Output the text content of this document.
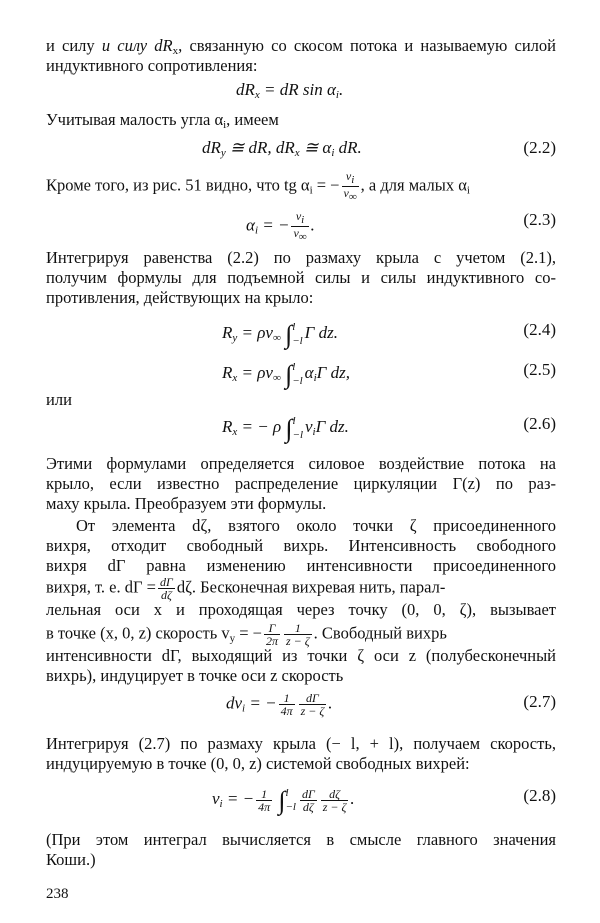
и силу и силу $dR_x$, связанную со скосом потока и называемую силой
индуктивного сопротивления:
$dR_x$ = dR $\sin \alpha_i$.
Учитывая малость угла $\alpha_i$, имеем
$dR_y$ ≅ dR, $dR_x$ ≅ $\alpha_i$ dR.	(2.2)
Кроме того, из рис. 51 видно, что tg $\alpha_i$ = − $\frac{v_i}{v_\infty}$ , а для малых $\alpha_i$
$\alpha_i$ = − $\frac{v_i}{v_\infty}$ .	(2.3)
Интегрируя равенства (2.2) по размаху крыла с учетом (2.1),
получим формулы для подъемной силы и силы индуктивного со-
противления, действующих на крыло:
$R_y = \rho v_\infty$ ∫ l
−l Γ dz.	(2.4)
$R_x = \rho v_\infty$ ∫ l
−l $\alpha_i\Gamma$ dz,	(2.5)
или
$R_x$ = − ρ ∫ l
−l $v_i\Gamma$ dz.	(2.6)
Этими формулами определяется силовое воздействие потока на
крыло, если известно распределение циркуляции Γ(z) по раз-
маху крыла. Преобразуем эти формулы.
От элемента dζ, взятого около точки ζ присоединенного
вихря, отходит свободный вихрь. Интенсивность свободного
вихря dΓ равна изменению интенсивности присоединенного
вихря, т. е. $d\Gamma = \frac{d\Gamma}{d\zeta} d\zeta$. Бесконечная вихревая нить, парал-
лельная оси x и проходящая через точку (0, 0, ζ), вызывает
в точке (x, 0, z) скорость $v_y$ = − $\frac{\Gamma}{2\pi} \frac{1}{z - \zeta}$ . Свободный вихрь
интенсивности dΓ, выходящий из точки ζ оси z (полубесконечный
вихрь), индуцирует в точке оси z скорость
$dv_i$ = − $\frac{1}{4\pi} \frac{d\Gamma}{z - \zeta}$ .	(2.7)
Интегрируя (2.7) по размаху крыла (− l, + l), получаем скорость,
индуцируемую в точке (0, 0, z) системой свободных вихрей:
$v_i$ = − $\frac{1}{4\pi}$ ∫ l
$-l \frac{d\Gamma}{d\zeta} \frac{d\zeta}{z - \zeta}$ .	(2.8)
(При этом интеграл вычисляется в смысле главного значения
Коши.)
238
